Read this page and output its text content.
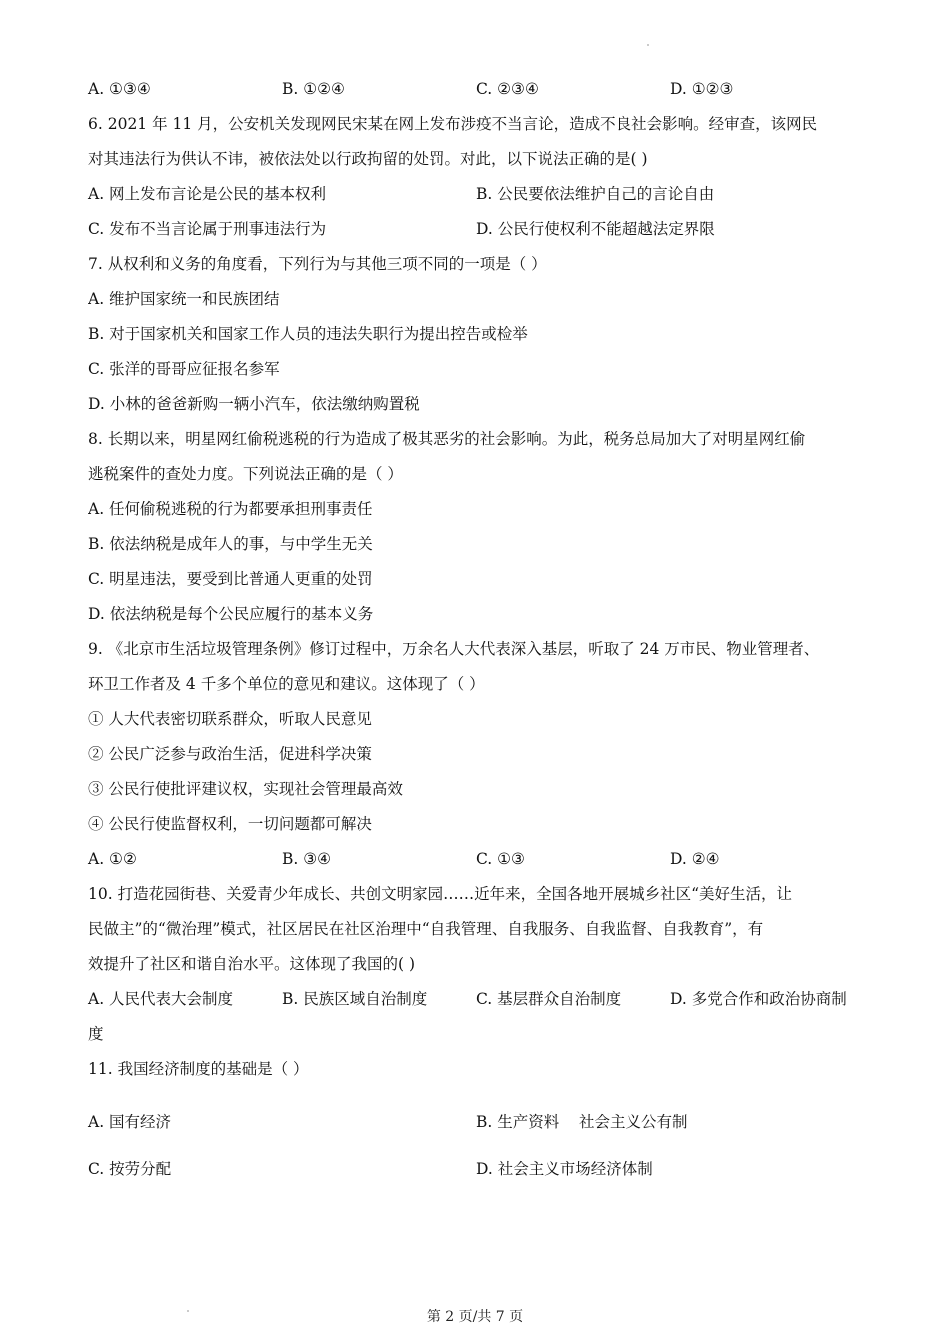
A. ①③④	B. ①②④	C. ②③④	D. ①②③
6. 2021 年 11 月，公安机关发现网民宋某在网上发布涉疫不当言论，造成不良社会影响。经审查，该网民
对其违法行为供认不讳，被依法处以行政拘留的处罚。对此，以下说法正确的是( )
A. 网上发布言论是公民的基本权利	B. 公民要依法维护自己的言论自由
C. 发布不当言论属于刑事违法行为	D. 公民行使权利不能超越法定界限
7. 从权利和义务的角度看，下列行为与其他三项不同的一项是（ ）
A. 维护国家统一和民族团结
B. 对于国家机关和国家工作人员的违法失职行为提出控告或检举
C. 张洋的哥哥应征报名参军
D. 小林的爸爸新购一辆小汽车，依法缴纳购置税
8. 长期以来，明星网红偷税逃税的行为造成了极其恶劣的社会影响。为此，税务总局加大了对明星网红偷
逃税案件的查处力度。下列说法正确的是（ ）
A. 任何偷税逃税的行为都要承担刑事责任
B. 依法纳税是成年人的事，与中学生无关
C. 明星违法，要受到比普通人更重的处罚
D. 依法纳税是每个公民应履行的基本义务
9. 《北京市生活垃圾管理条例》修订过程中，万余名人大代表深入基层，听取了 24 万市民、物业管理者、
环卫工作者及 4 千多个单位的意见和建议。这体现了（ ）
① 人大代表密切联系群众，听取人民意见
② 公民广泛参与政治生活，促进科学决策
③ 公民行使批评建议权，实现社会管理最高效
④ 公民行使监督权利，一切问题都可解决
A. ①②	B. ③④	C. ①③	D. ②④
10. 打造花园街巷、关爱青少年成长、共创文明家园……近年来，全国各地开展城乡社区“美好生活，让
民做主”的“微治理”模式，社区居民在社区治理中“自我管理、自我服务、自我监督、自我教育”，有
效提升了社区和谐自治水平。这体现了我国的( )
A. 人民代表大会制度	B. 民族区域自治制度	C. 基层群众自治制度	D. 多党合作和政治协商制
度
11. 我国经济制度的基础是（ ）
A. 国有经济	B. 生产资料    社会主义公有制
C. 按劳分配	D. 社会主义市场经济体制
第 2 页/共 7 页
